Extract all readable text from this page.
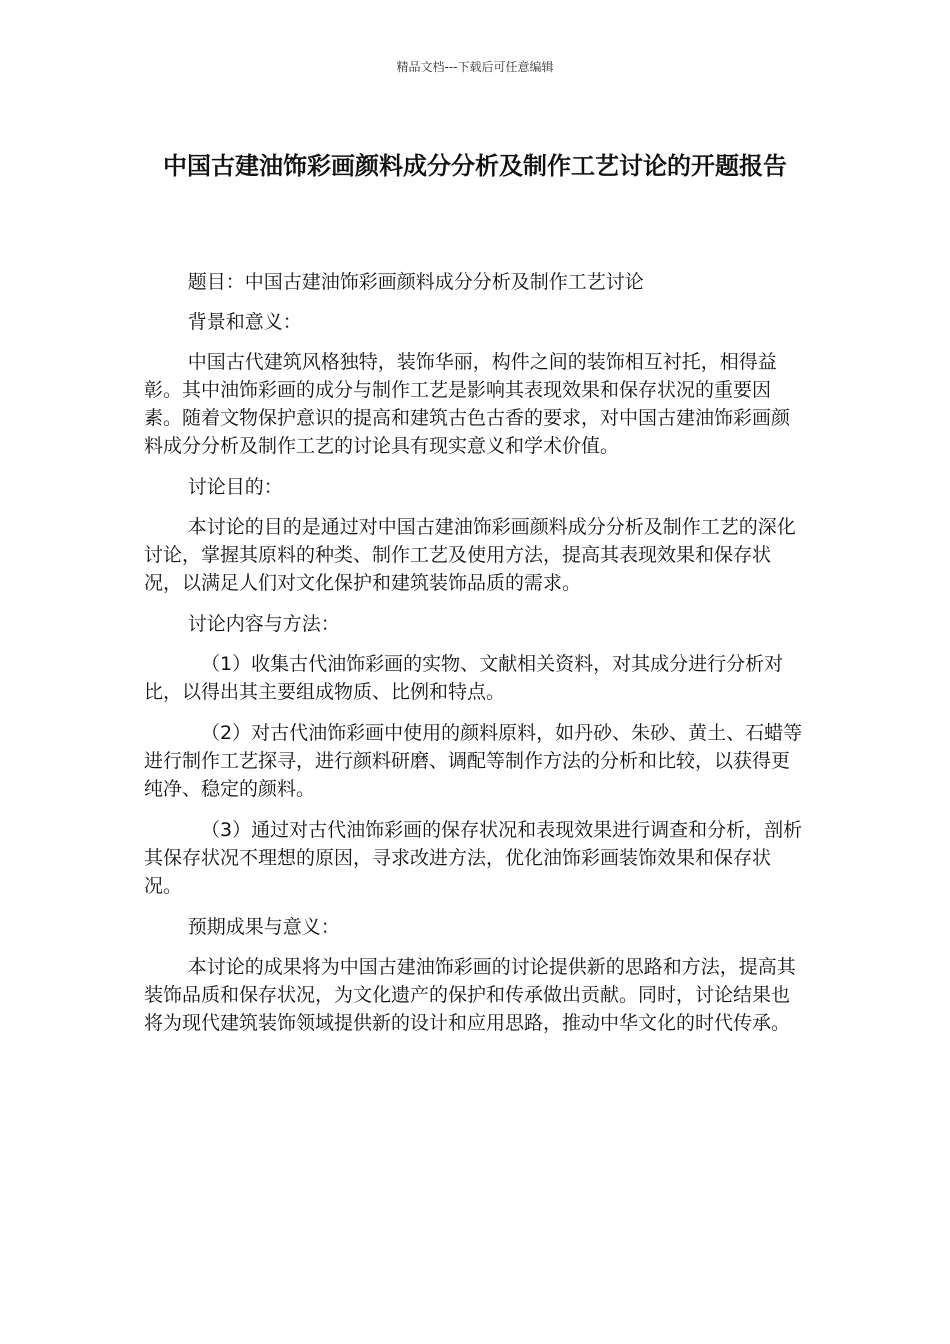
精品文档---下载后可任意编辑
中国古建油饰彩画颜料成分分析及制作工艺讨论的开题报告

题目：中国古建油饰彩画颜料成分分析及制作工艺讨论

背景和意义：

中国古代建筑风格独特，装饰华丽，构件之间的装饰相互衬托，相得益彰。其中油饰彩画的成分与制作工艺是影响其表现效果和保存状况的重要因素。随着文物保护意识的提高和建筑古色古香的要求，对中国古建油饰彩画颜料成分分析及制作工艺的讨论具有现实意义和学术价值。

讨论目的：

本讨论的目的是通过对中国古建油饰彩画颜料成分分析及制作工艺的深化讨论，掌握其原料的种类、制作工艺及使用方法，提高其表现效果和保存状况，以满足人们对文化保护和建筑装饰品质的需求。

讨论内容与方法：

（1）收集古代油饰彩画的实物、文献相关资料，对其成分进行分析对比，以得出其主要组成物质、比例和特点。

（2）对古代油饰彩画中使用的颜料原料，如丹砂、朱砂、黄土、石蜡等进行制作工艺探寻，进行颜料研磨、调配等制作方法的分析和比较，以获得更纯净、稳定的颜料。

（3）通过对古代油饰彩画的保存状况和表现效果进行调查和分析，剖析其保存状况不理想的原因，寻求改进方法，优化油饰彩画装饰效果和保存状况。

预期成果与意义：

本讨论的成果将为中国古建油饰彩画的讨论提供新的思路和方法，提高其装饰品质和保存状况，为文化遗产的保护和传承做出贡献。同时，讨论结果也将为现代建筑装饰领域提供新的设计和应用思路，推动中华文化的时代传承。
